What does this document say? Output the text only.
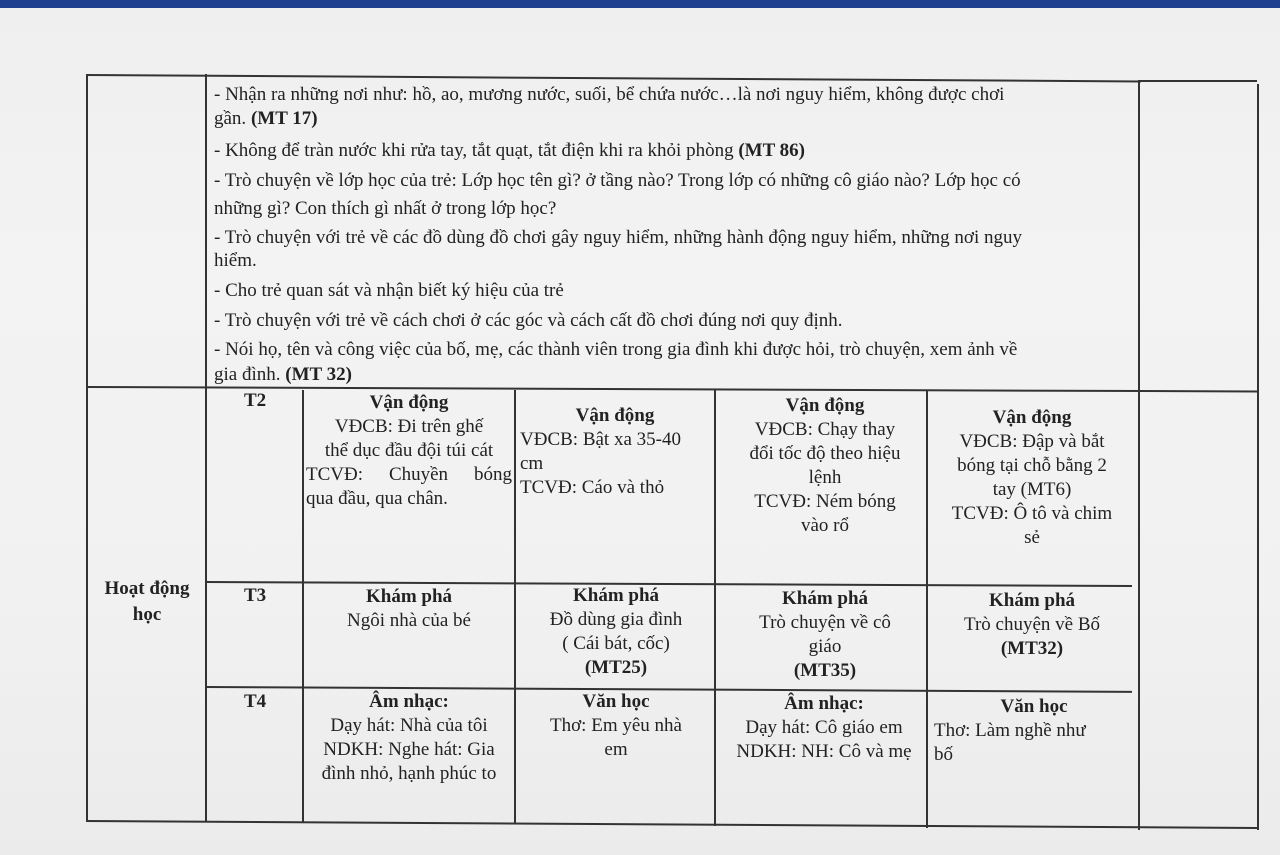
- Nhận ra những nơi như: hồ, ao, mương nước, suối, bể chứa nước…là nơi nguy hiểm, không được chơi
gần. (MT 17)
- Không để tràn nước khi rửa tay, tắt quạt, tắt điện khi ra khỏi phòng (MT 86)
- Trò chuyện về lớp học của trẻ: Lớp học tên gì? ở tầng nào? Trong lớp có những cô giáo nào? Lớp học có
những gì? Con thích gì nhất ở trong lớp học?
- Trò chuyện với trẻ về các đồ dùng đồ chơi gây nguy hiểm, những hành động nguy hiểm, những nơi nguy
hiểm.
- Cho trẻ quan sát và nhận biết ký hiệu của trẻ
- Trò chuyện với trẻ về cách chơi ở các góc và cách cất đồ chơi đúng nơi quy định.
- Nói họ, tên và công việc của bố, mẹ, các thành viên trong gia đình khi được hỏi, trò chuyện, xem ảnh về
gia đình. (MT 32)
Hoạt động
học
T2
T3
T4
Vận động
VĐCB: Đi trên ghế
thể dục đầu đội túi cát
TCVĐ: Chuyền bóng
qua đầu, qua chân.
Vận động
VĐCB: Bật xa 35-40
cm
TCVĐ: Cáo và thỏ
Vận động
VĐCB: Chạy thay
đổi tốc độ theo hiệu
lệnh
TCVĐ: Ném bóng
vào rổ
Vận động
VĐCB: Đập và bắt
bóng tại chỗ bằng 2
tay (MT6)
TCVĐ: Ô tô và chim
sẻ
Khám phá
Ngôi nhà của bé
Khám phá
Đồ dùng gia đình
( Cái bát, cốc)
(MT25)
Khám phá
Trò chuyện về cô
giáo
(MT35)
Khám phá
Trò chuyện về Bố
(MT32)
Âm nhạc:
Dạy hát: Nhà của tôi
NDKH: Nghe hát: Gia
đình nhỏ, hạnh phúc to
Văn học
Thơ: Em yêu nhà
em
Âm nhạc:
Dạy hát: Cô giáo em
NDKH: NH: Cô và mẹ
Văn học
Thơ: Làm nghề như
bố
